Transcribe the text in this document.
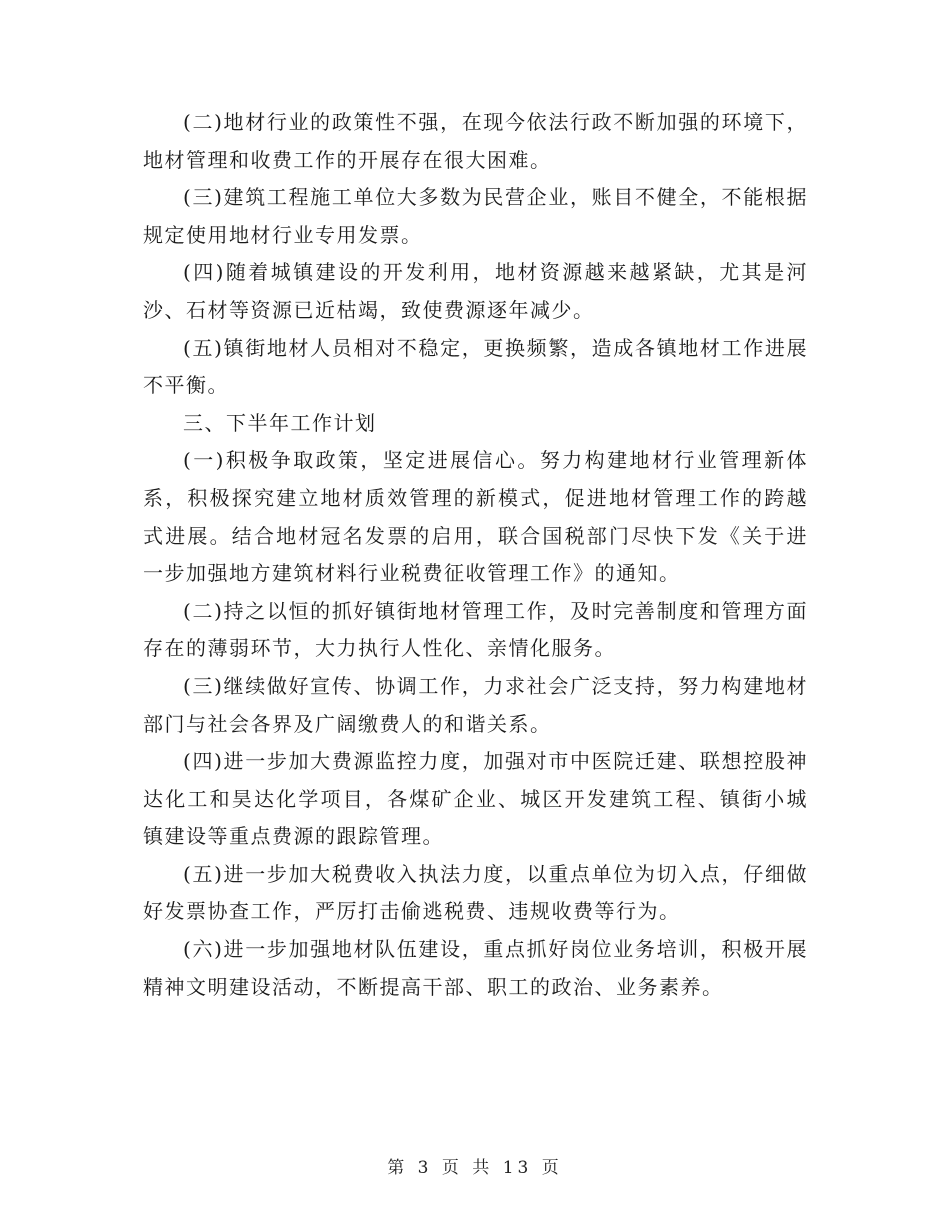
(二)地材行业的政策性不强，在现今依法行政不断加强的环境下，地材管理和收费工作的开展存在很大困难。

(三)建筑工程施工单位大多数为民营企业，账目不健全，不能根据规定使用地材行业专用发票。

(四)随着城镇建设的开发利用，地材资源越来越紧缺，尤其是河沙、石材等资源已近枯竭，致使费源逐年减少。

(五)镇街地材人员相对不稳定，更换频繁，造成各镇地材工作进展不平衡。

三、下半年工作计划

(一)积极争取政策，坚定进展信心。努力构建地材行业管理新体系，积极探究建立地材质效管理的新模式，促进地材管理工作的跨越式进展。结合地材冠名发票的启用，联合国税部门尽快下发《关于进一步加强地方建筑材料行业税费征收管理工作》的通知。

(二)持之以恒的抓好镇街地材管理工作，及时完善制度和管理方面存在的薄弱环节，大力执行人性化、亲情化服务。

(三)继续做好宣传、协调工作，力求社会广泛支持，努力构建地材部门与社会各界及广阔缴费人的和谐关系。

(四)进一步加大费源监控力度，加强对市中医院迁建、联想控股神达化工和昊达化学项目，各煤矿企业、城区开发建筑工程、镇街小城镇建设等重点费源的跟踪管理。

(五)进一步加大税费收入执法力度，以重点单位为切入点，仔细做好发票协查工作，严厉打击偷逃税费、违规收费等行为。

(六)进一步加强地材队伍建设，重点抓好岗位业务培训，积极开展精神文明建设活动，不断提高干部、职工的政治、业务素养。

第 3 页 共 13 页
